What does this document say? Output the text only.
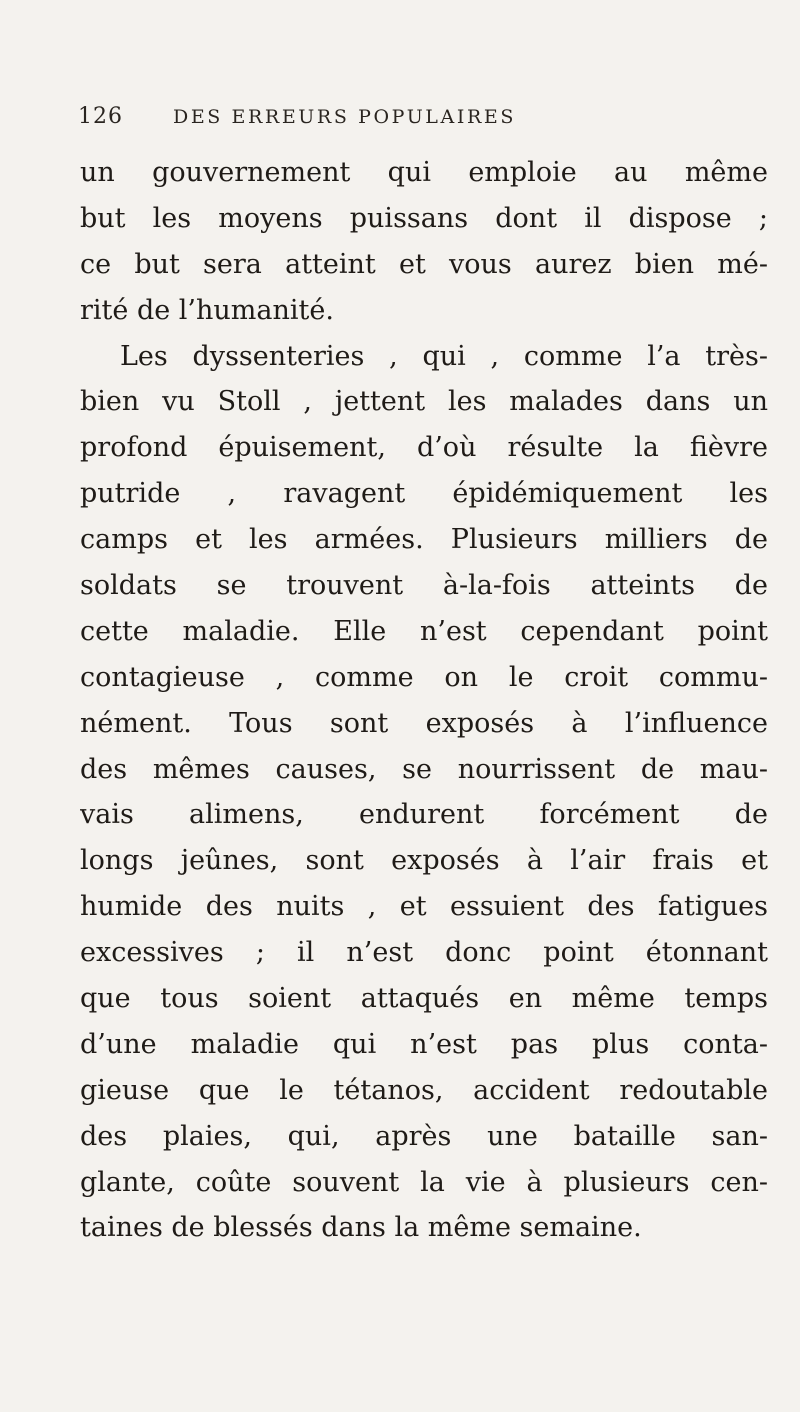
126	DES ERREURS POPULAIRES
un gouvernement qui emploie au même
but les moyens puissans dont il dispose ;
ce but sera atteint et vous aurez bien mé-
rité de l’humanité.
Les dyssenteries , qui , comme l’a très-
bien vu Stoll , jettent les malades dans un
profond épuisement, d’où résulte la fièvre
putride , ravagent épidémiquement les
camps et les armées. Plusieurs milliers de
soldats se trouvent à-la-fois atteints de
cette maladie. Elle n’est cependant point
contagieuse , comme on le croit commu-
nément. Tous sont exposés à l’influence
des mêmes causes, se nourrissent de mau-
vais alimens, endurent forcément de
longs jeûnes, sont exposés à l’air frais et
humide des nuits , et essuient des fatigues
excessives ; il n’est donc point étonnant
que tous soient attaqués en même temps
d’une maladie qui n’est pas plus conta-
gieuse que le tétanos, accident redoutable
des plaies, qui, après une bataille san-
glante, coûte souvent la vie à plusieurs cen-
taines de blessés dans la même semaine.
